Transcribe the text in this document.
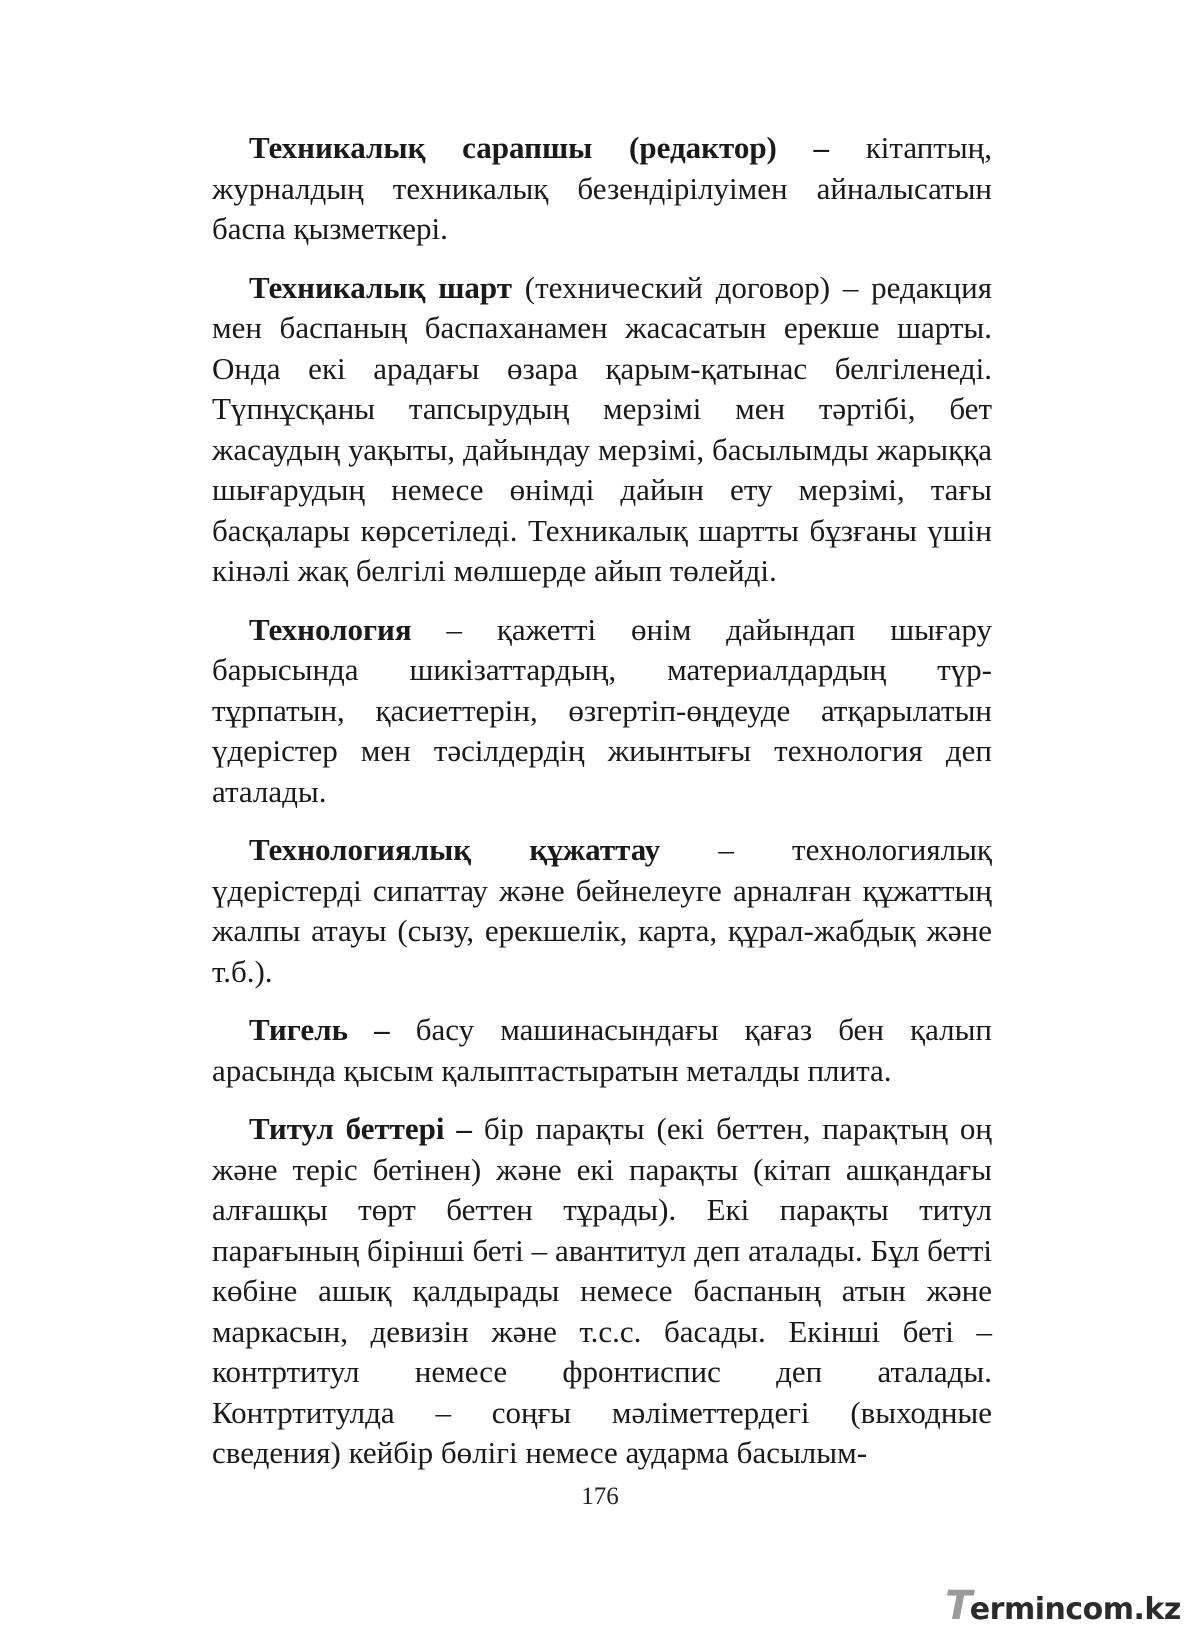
Техникалық сарапшы (редактор) – кітаптың, журналдың техникалық безендірілуімен айналысатын баспа қызметкері.

Техникалық шарт (технический договор) – редакция мен баспаның баспаханамен жасасатын ерекше шарты. Онда екі арадағы өзара қарым-қатынас белгіленеді. Түпнұсқаны тапсырудың мерзімі мен тәртібі, бет жасаудың уақыты, дайындау мерзімі, басылымды жарыққа шығарудың немесе өнімді дайын ету мерзімі, тағы басқалары көрсетіледі. Техникалық шартты бұзғаны үшін кінәлі жақ белгілі мөлшерде айып төлейді.

Технология – қажетті өнім дайындап шығару барысында шикізаттардың, материалдардың түр-тұрпатын, қасиеттерін, өзгертіп-өңдеуде атқарылатын үдерістер мен тәсілдердің жиынтығы технология деп аталады.

Технологиялық құжаттау – технологиялық үдерістерді сипаттау және бейнелеуге арналған құжаттың жалпы атауы (сызу, ерекшелік, карта, құрал-жабдық және т.б.).

Тигель – басу машинасындағы қағаз бен қалып арасында қысым қалыптастыратын металды плита.

Титул беттері – бір парақты (екі беттен, парақтың оң және теріс бетінен) және екі парақты (кітап ашқандағы алғашқы төрт беттен тұрады). Екі парақты титул парағының бірінші беті – авантитул деп аталады. Бұл бетті көбіне ашық қалдырады немесе баспаның атын және маркасын, девизін және т.с.с. басады. Екінші беті – контртитул немесе фронтиспис деп аталады. Контртитулда – соңғы мәліметтердегі (выходные сведения) кейбір бөлігі немесе аударма басылым-

176
Termincom.kz
